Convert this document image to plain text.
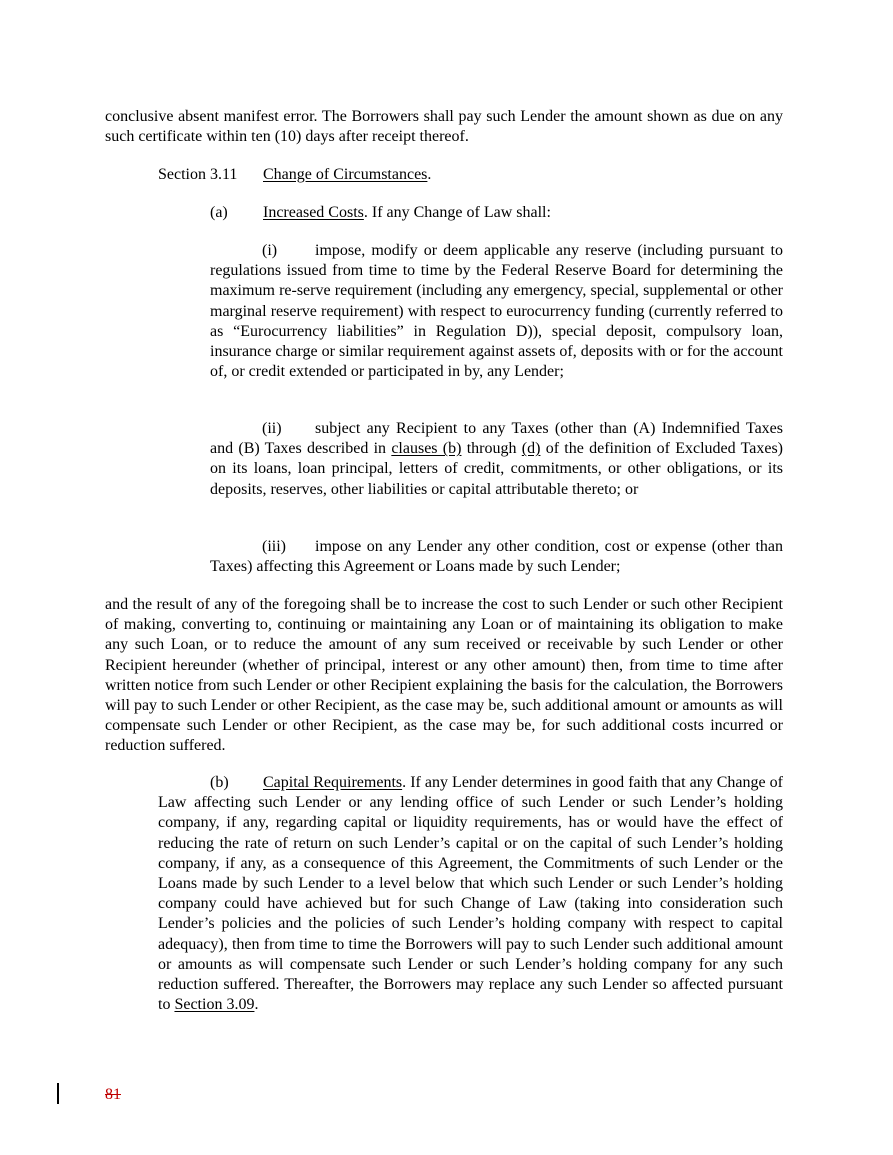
conclusive absent manifest error. The Borrowers shall pay such Lender the amount shown as due on any such certificate within ten (10) days after receipt thereof.

Section 3.11 Change of Circumstances.

(a) Increased Costs. If any Change of Law shall:

(i) impose, modify or deem applicable any reserve (including pursuant to regulations issued from time to time by the Federal Reserve Board for determining the maximum re-serve requirement (including any emergency, special, supplemental or other marginal reserve requirement) with respect to eurocurrency funding (currently referred to as “Eurocurrency liabilities” in Regulation D)), special deposit, compulsory loan, insurance charge or similar requirement against assets of, deposits with or for the account of, or credit extended or participated in by, any Lender;

(ii) subject any Recipient to any Taxes (other than (A) Indemnified Taxes and (B) Taxes described in clauses (b) through (d) of the definition of Excluded Taxes) on its loans, loan principal, letters of credit, commitments, or other obligations, or its deposits, reserves, other liabilities or capital attributable thereto; or

(iii) impose on any Lender any other condition, cost or expense (other than Taxes) affecting this Agreement or Loans made by such Lender;

and the result of any of the foregoing shall be to increase the cost to such Lender or such other Recipient of making, converting to, continuing or maintaining any Loan or of maintaining its obligation to make any such Loan, or to reduce the amount of any sum received or receivable by such Lender or other Recipient hereunder (whether of principal, interest or any other amount) then, from time to time after written notice from such Lender or other Recipient explaining the basis for the calculation, the Borrowers will pay to such Lender or other Recipient, as the case may be, such additional amount or amounts as will compensate such Lender or other Recipient, as the case may be, for such additional costs incurred or reduction suffered.

(b) Capital Requirements. If any Lender determines in good faith that any Change of Law affecting such Lender or any lending office of such Lender or such Lender’s holding company, if any, regarding capital or liquidity requirements, has or would have the effect of reducing the rate of return on such Lender’s capital or on the capital of such Lender’s holding company, if any, as a consequence of this Agreement, the Commitments of such Lender or the Loans made by such Lender to a level below that which such Lender or such Lender’s holding company could have achieved but for such Change of Law (taking into consideration such Lender’s policies and the policies of such Lender’s holding company with respect to capital adequacy), then from time to time the Borrowers will pay to such Lender such additional amount or amounts as will compensate such Lender or such Lender’s holding company for any such reduction suffered. Thereafter, the Borrowers may replace any such Lender so affected pursuant to Section 3.09.

81
